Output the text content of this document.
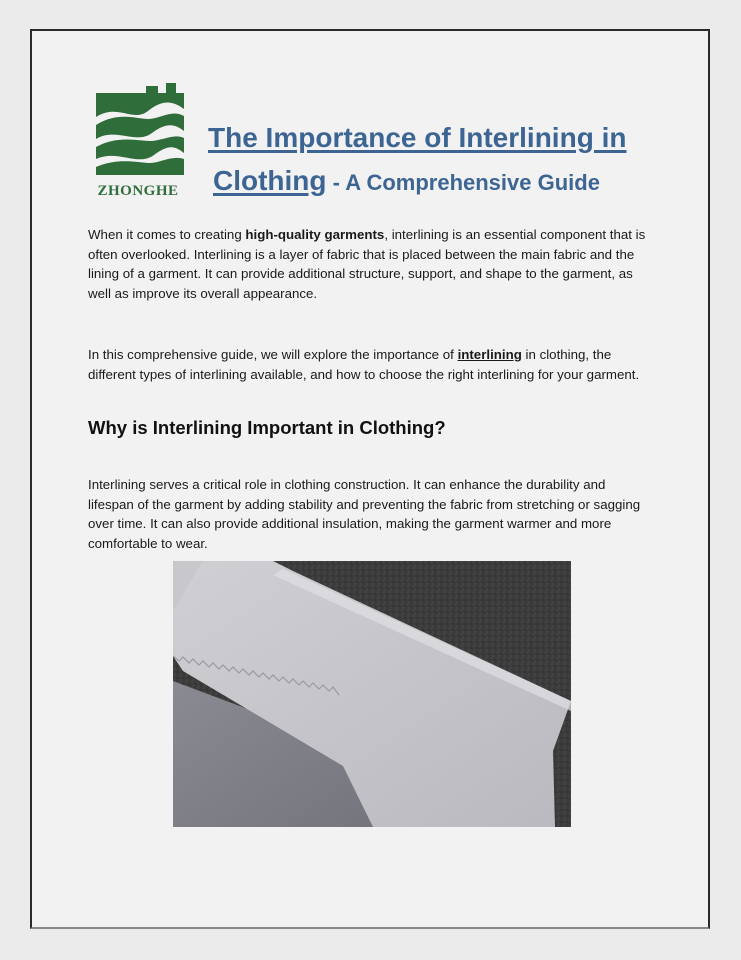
ZHONGHE
The Importance of Interlining in
Clothing - A Comprehensive Guide

When it comes to creating high-quality garments, interlining is an essential component that is often overlooked. Interlining is a layer of fabric that is placed between the main fabric and the lining of a garment. It can provide additional structure, support, and shape to the garment, as well as improve its overall appearance.

In this comprehensive guide, we will explore the importance of interlining in clothing, the different types of interlining available, and how to choose the right interlining for your garment.

Why is Interlining Important in Clothing?

Interlining serves a critical role in clothing construction. It can enhance the durability and lifespan of the garment by adding stability and preventing the fabric from stretching or sagging over time. It can also provide additional insulation, making the garment warmer and more comfortable to wear.
